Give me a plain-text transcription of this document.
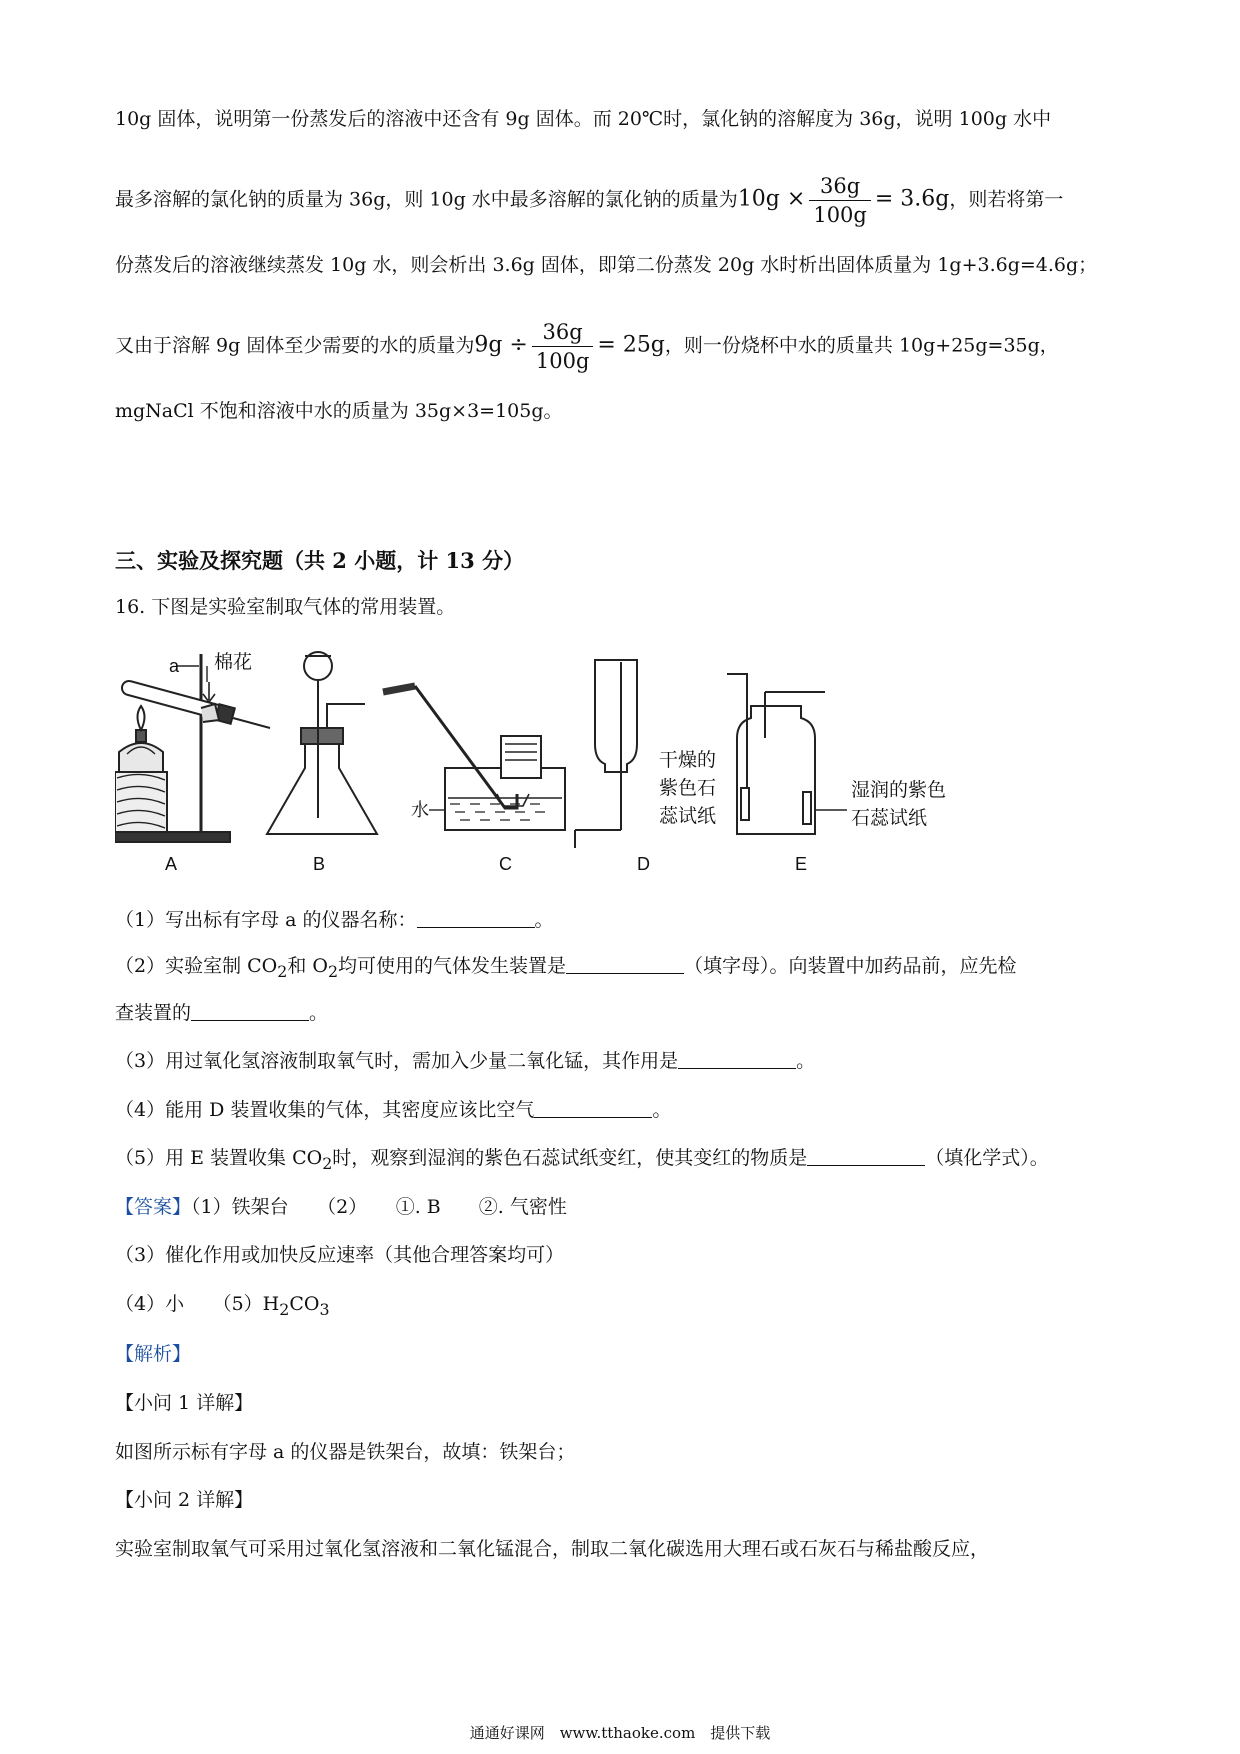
10g 固体，说明第一份蒸发后的溶液中还含有 9g 固体。而 20℃时，氯化钠的溶解度为 36g，说明 100g 水中
最多溶解的氯化钠的质量为 36g，则 10g 水中最多溶解的氯化钠的质量为$10g \times \frac{36g}{100g} = 3.6g$，则若将第一
份蒸发后的溶液继续蒸发 10g 水，则会析出 3.6g 固体，即第二份蒸发 20g 水时析出固体质量为 1g+3.6g=4.6g；
又由于溶解 9g 固体至少需要的水的质量为$9g \div \frac{36g}{100g} = 25g$，则一份烧杯中水的质量共 10g+25g=35g，
mgNaCl 不饱和溶液中水的质量为 35g×3=105g。
三、实验及探究题（共 2 小题，计 13 分）
16. 下图是实验室制取气体的常用装置。
a 棉花
水
干燥的
紫色石
蕊试纸
湿润的紫色
石蕊试纸
A	B	C	D	E
（1）写出标有字母 a 的仪器名称：	。
（2）实验室制 $CO_2$和 $O_2$均可使用的气体发生装置是	（填字母）。向装置中加药品前，应先检
查装置的	。
（3）用过氧化氢溶液制取氧气时，需加入少量二氧化锰，其作用是	。
（4）能用 D 装置收集的气体，其密度应该比空气	。
（5）用 E 装置收集 $CO_2$时，观察到湿润的紫色石蕊试纸变红，使其变红的物质是	（填化学式）。
【答案】（1）铁架台　　（2）　　①. B　　②. 气密性
（3）催化作用或加快反应速率（其他合理答案均可）
（4）小　　$(5)H_2CO_3$
【解析】
【小问 1 详解】
如图所示标有字母 a 的仪器是铁架台，故填：铁架台；
【小问 2 详解】
实验室制取氧气可采用过氧化氢溶液和二氧化锰混合，制取二氧化碳选用大理石或石灰石与稀盐酸反应，
通通好课网　www.tthaoke.com　提供下载
